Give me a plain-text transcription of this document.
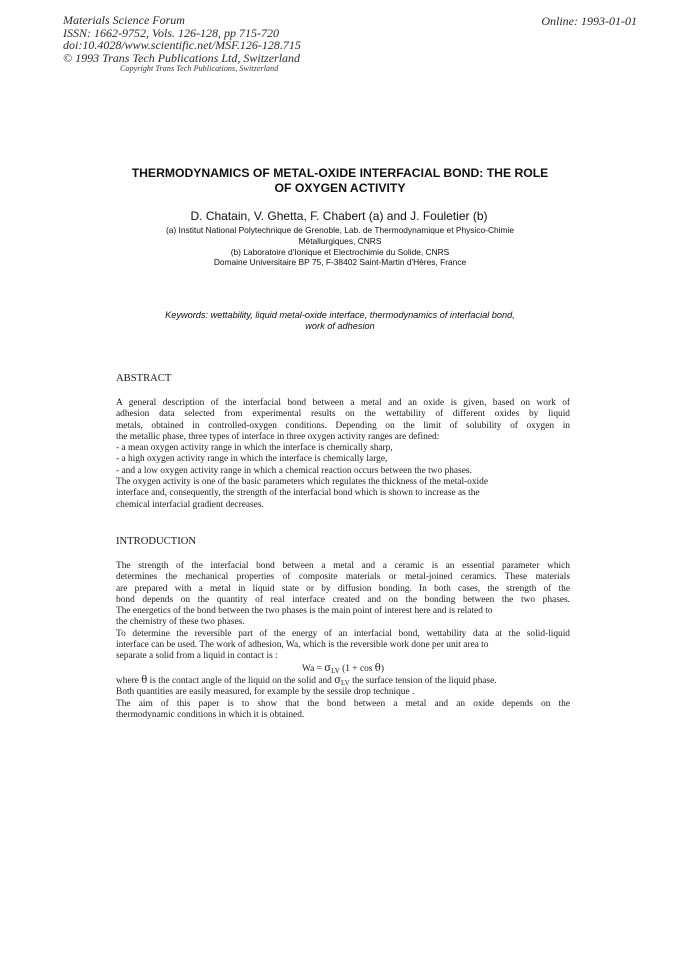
Materials Science Forum
ISSN: 1662-9752, Vols. 126-128, pp 715-720
doi:10.4028/www.scientific.net/MSF.126-128.715
© 1993 Trans Tech Publications Ltd, Switzerland
Online: 1993-01-01
Copyright Trans Tech Publications, Switzerland
THERMODYNAMICS OF METAL-OXIDE INTERFACIAL BOND: THE ROLE
OF OXYGEN ACTIVITY
D. Chatain, V. Ghetta, F. Chabert (a) and J. Fouletier (b)
(a) Institut National Polytechnique de Grenoble, Lab. de Thermodynamique et Physico-Chimie
Métallurgiques, CNRS
(b) Laboratoire d'Ionique et Electrochimie du Solide, CNRS
Domaine Universitaire BP 75, F-38402 Saint-Martin d'Hères, France
Keywords: wettability, liquid metal-oxide interface, thermodynamics of interfacial bond,
work of adhesion
ABSTRACT
A general description of the interfacial bond between a metal and an oxide is given, based on work of
adhesion data selected from experimental results on the wettability of different oxides by liquid
metals, obtained in controlled-oxygen conditions. Depending on the limit of solubility of oxygen in
the metallic phase, three types of interface in three oxygen activity ranges are defined:
- a mean oxygen activity range in which the interface is chemically sharp,
- a high oxygen activity range in which the interface is chemically large,
- and a low oxygen activity range in which a chemical reaction occurs between the two phases.
The oxygen activity is one of the basic parameters which regulates the thickness of the metal-oxide
interface and, consequently, the strength of the interfacial bond which is shown to increase as the
chemical interfacial gradient decreases.
INTRODUCTION
The strength of the interfacial bond between a metal and a ceramic is an essential parameter which
determines the mechanical properties of composite materials or metal-joined ceramics. These materials
are prepared with a metal in liquid state or by diffusion bonding. In both cases, the strength of the
bond depends on the quantity of real interface created and on the bonding between the two phases.
The energetics of the bond between the two phases is the main point of interest here and is related to
the chemistry of these two phases.
To determine the reversible part of the energy of an interfacial bond, wettability data at the solid-liquid
interface can be used. The work of adhesion, Wa, which is the reversible work done per unit area to
separate a solid from a liquid in contact is :
$Wa = \sigma_{LV}$ (1 + cos θ)
where θ is the contact angle of the liquid on the solid and $\sigma_{LV}$ the surface tension of the liquid phase.
Both quantities are easily measured, for example by the sessile drop technique .
The aim of this paper is to show that the bond between a metal and an oxide depends on the
thermodynamic conditions in which it is obtained.
